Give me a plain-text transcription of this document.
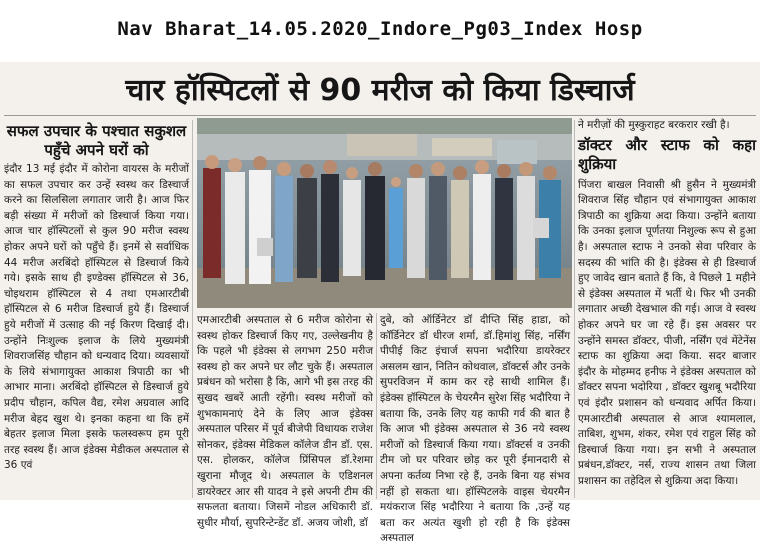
Nav Bharat_14.05.2020_Indore_Pg03_Index Hosp
चार हॉस्पिटलों से 90 मरीज को किया डिस्चार्ज
सफल उपचार के पश्चात सकुशल पहुँचे अपने घरों को

इंदौर 13 मई इंदौर में कोरोना वायरस के मरीजों का सफल उपचार कर उन्हें स्वस्थ कर डिस्चार्ज करने का सिलसिला लगातार जारी है। आज फिर बड़ी संख्या में मरीजों को डिस्चार्ज किया गया। आज चार हॉस्पिटलों से कुल 90 मरीज स्वस्थ होकर अपने घरों को पहुँचे हैं। इनमें से सर्वाधिक 44 मरीज अरबिंदो हॉस्पिटल से डिस्चार्ज किये गये। इसके साथ ही इण्डेक्स हॉस्पिटल से 36, चोइथराम हॉस्पिटल से 4 तथा एमआरटीबी हॉस्पिटल से 6 मरीज डिस्चार्ज हुये हैं। डिस्चार्ज हुये मरीजों में उत्साह की नई किरण दिखाई दी। उन्होंने निःशुल्क इलाज के लिये मुख्यमंत्री शिवराजसिंह चौहान को धन्यवाद दिया। व्यवसायों के लिये संभागायुक्त आकाश त्रिपाठी का भी आभार माना। अरबिंदो हॉस्पिटल से डिस्चार्ज हुये प्रदीप चौहान, कपिल वैद्य, रमेश अग्रवाल आदि मरीज बेहद खुश थे। इनका कहना था कि हमें बेहतर इलाज मिला इसके फलस्वरूप हम पूरी तरह स्वस्थ हैं। आज इंडेक्स मेडीकल अस्पताल से 36 एवं

एमआरटीबी अस्पताल से 6 मरीज कोरोना से स्वस्थ होकर डिस्चार्ज किए गए, उल्लेखनीय है कि पहले भी इंडेक्स से लगभग 250 मरीज स्वस्थ हो कर अपने घर लौट चुके हैं। अस्पताल प्रबंधन को भरोसा है कि, आगे भी इस तरह की सुखद खबरें आती रहेंगी। स्वस्थ मरीजों को शुभकामनाएं देने के लिए आज इंडेक्स अस्पताल परिसर में पूर्व बीजेपी विधायक राजेश सोनकर, इंडेक्स मेडिकल कॉलेज डीन डॉ. एस. एस. होलकर, कॉलेज प्रिंसिपल डॉ.रेशमा खुराना मौजूद थे। अस्पताल के एडिशनल डायरेक्टर आर सी यादव ने इसे अपनी टीम की सफलता बताया। जिसमें नोडल अधिकारी डॉ. सुधीर मौर्या, सुपरिन्टेन्डेंट डॉ. अजय जोशी, डॉ

दुबे, को ऑर्डिनेटर डॉ दीप्ति सिंह हाडा, को कॉर्डिनेटर डॉ धीरज शर्मा, डॉ.हिमांशु सिंह, नर्सिंग पीपीई किट इंचार्ज सपना भदौरिया डायरेक्टर असलम खान, नितिन कोथवाल, डॉक्टर्स और उनके सुपरविजन में काम कर रहे साथी शामिल हैं। इंडेक्स हॉस्पिटल के चेयरमैन सुरेश सिंह भदौरिया ने बताया कि, उनके लिए यह काफी गर्व की बात है कि आज भी इंडेक्स अस्पताल से 36 नये स्वस्थ मरीजों को डिस्चार्ज किया गया। डॉक्टर्स व उनकी टीम जो घर परिवार छोड़ कर पूरी ईमानदारी से अपना कर्तव्य निभा रहे हैं, उनके बिना यह संभव नहीं हो सकता था। हॉस्पिटलके वाइस चेयरमैन मयंकराज सिंह भदौरिया ने बताया कि ,उन्हें यह बता कर अत्यंत खुशी हो रही है कि इंडेक्स अस्पताल

ने मरीज़ों की मुस्कुराहट बरकरार रखी है।

डॉक्टर और स्टाफ को कहा शुक्रिया

पिंजरा बाखल निवासी श्री हुसैन ने मुख्यमंत्री शिवराज सिंह चौहान एवं संभागायुक्त आकाश त्रिपाठी का शुक्रिया अदा किया। उन्होंने बताया कि उनका इलाज पूर्णतया निशुल्क रूप से हुआ है। अस्पताल स्टाफ ने उनको सेवा परिवार के सदस्य की भांति की है। इंडेक्स से ही डिस्चार्ज हुए जावेद खान बताते हैं कि, वे पिछले 1 महीने से इंडेक्स अस्पताल में भर्ती थे। फिर भी उनकी लगातार अच्छी देखभाल की गई। आज वे स्वस्थ होकर अपने घर जा रहे हैं। इस अवसर पर उन्होंने समस्त डॉक्टर, पीजी, नर्सिंग एवं मेंटेनेंस स्टाफ का शुक्रिया अदा किया. सदर बाजार इंदौर के मोहम्मद हनीफ ने इंडेक्स अस्पताल को डॉक्टर सपना भदोरिया , डॉक्टर खुशबू भदौरिया एवं इंदौर प्रशासन को धन्यवाद अर्पित किया। एमआरटीबी अस्पताल से आज श्यामलाल, ताबिश, शुभम, शंकर, रमेश एवं राहुल सिंह को डिस्चार्ज किया गया। इन सभी ने अस्पताल प्रबंधन,डॉक्टर, नर्स, राज्य शासन तथा जिला प्रशासन का तहेदिल से शुक्रिया अदा किया।
